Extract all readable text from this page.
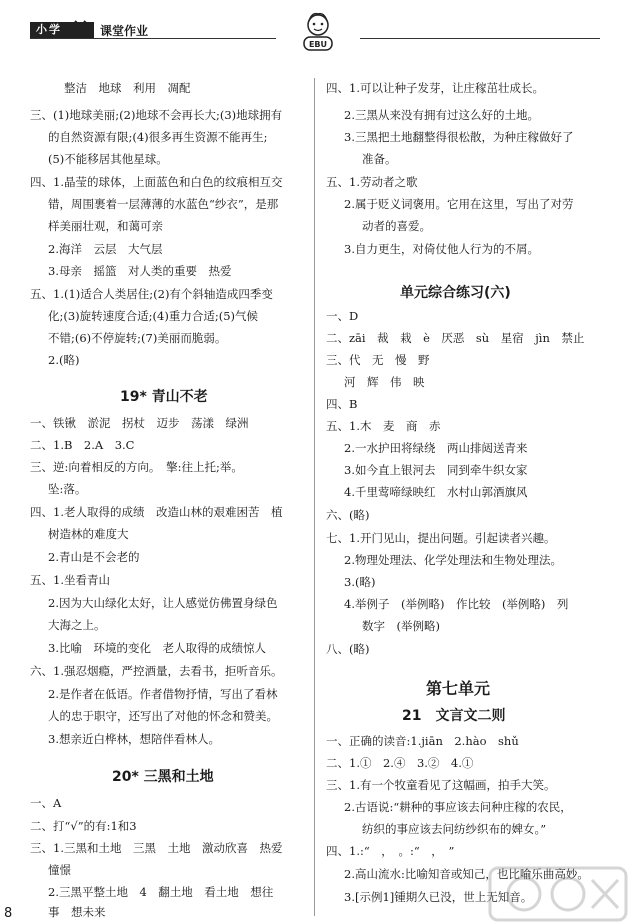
小学	课堂作业
EBU
整洁　地球　利用　凋配
三、(1)地球美丽;(2)地球不会再长大;(3)地球拥有
的自然资源有限;(4)很多再生资源不能再生;
(5)不能移居其他星球。
四、1.晶莹的球体，上面蓝色和白色的纹痕相互交
错，周围裹着一层薄薄的水蓝色“纱衣”，是那
样美丽壮观，和蔼可亲
2.海洋　云层　大气层
3.母亲　摇篮　对人类的重要　热爱
五、1.(1)适合人类居住;(2)有个斜轴造成四季变
化;(3)旋转速度合适;(4)重力合适;(5)气候
不错;(6)不停旋转;(7)美丽而脆弱。
2.(略)
19* 青山不老
一、铁锹　淤泥　拐杖　迈步　荡漾　绿洲
二、1.B　2.A　3.C
三、逆:向着相反的方向。　擎:往上托;举。
坠:落。
四、1.老人取得的成绩　改造山林的艰难困苦　植
树造林的难度大
2.青山是不会老的
五、1.坐看青山
2.因为大山绿化太好，让人感觉仿佛置身绿色
大海之上。
3.比喻　环境的变化　老人取得的成绩惊人
六、1.强忍烟瘾，严控酒量，去看书，拒听音乐。
2.是作者在低语。作者借物抒情，写出了看林
人的忠于职守，还写出了对他的怀念和赞美。
3.想亲近白桦林，想陪伴看林人。
20* 三黑和土地
一、A
二、打“√”的有:1和3
三、1.三黑和土地　三黑　土地　激动欣喜　热爱
憧憬
2.三黑平整土地　4　翻土地　看土地　想往
事　想未来
四、1.可以让种子发芽，让庄稼茁壮成长。
2.三黑从来没有拥有过这么好的土地。
3.三黑把土地翻整得很松散，为种庄稼做好了
准备。
五、1.劳动者之歌
2.属于贬义词褒用。它用在这里，写出了对劳
动者的喜爱。
3.自力更生，对倚仗他人行为的不屑。
单元综合练习(六)
一、D
二、zāi　裁　栽　è　厌恶　sù　星宿　jìn　禁止
三、代　无　慢　野
河　辉　伟　映
四、B
五、1.木　麦　商　赤
2.一水护田将绿绕　两山排闼送青来
3.如今直上银河去　同到牵牛织女家
4.千里莺啼绿映红　水村山郭酒旗风
六、(略)
七、1.开门见山，提出问题。引起读者兴趣。
2.物理处理法、化学处理法和生物处理法。
3.(略)
4.举例子　(举例略)　作比较　(举例略)　列
数字　(举例略)
八、(略)
第七单元
21　文言文二则
一、正确的读音:1.jiān　2.hào　shǔ
二、1.①　2.④　3.②　4.①
三、1.有一个牧童看见了这幅画，拍手大笑。
2.古语说:“耕种的事应该去问种庄稼的农民，
纺织的事应该去问纺纱织布的婢女。”
四、1.:“　，　。:“　，　”
2.高山流水:比喻知音或知己，也比喻乐曲高妙。
3.[示例1]锺期久已没，世上无知音。
8
